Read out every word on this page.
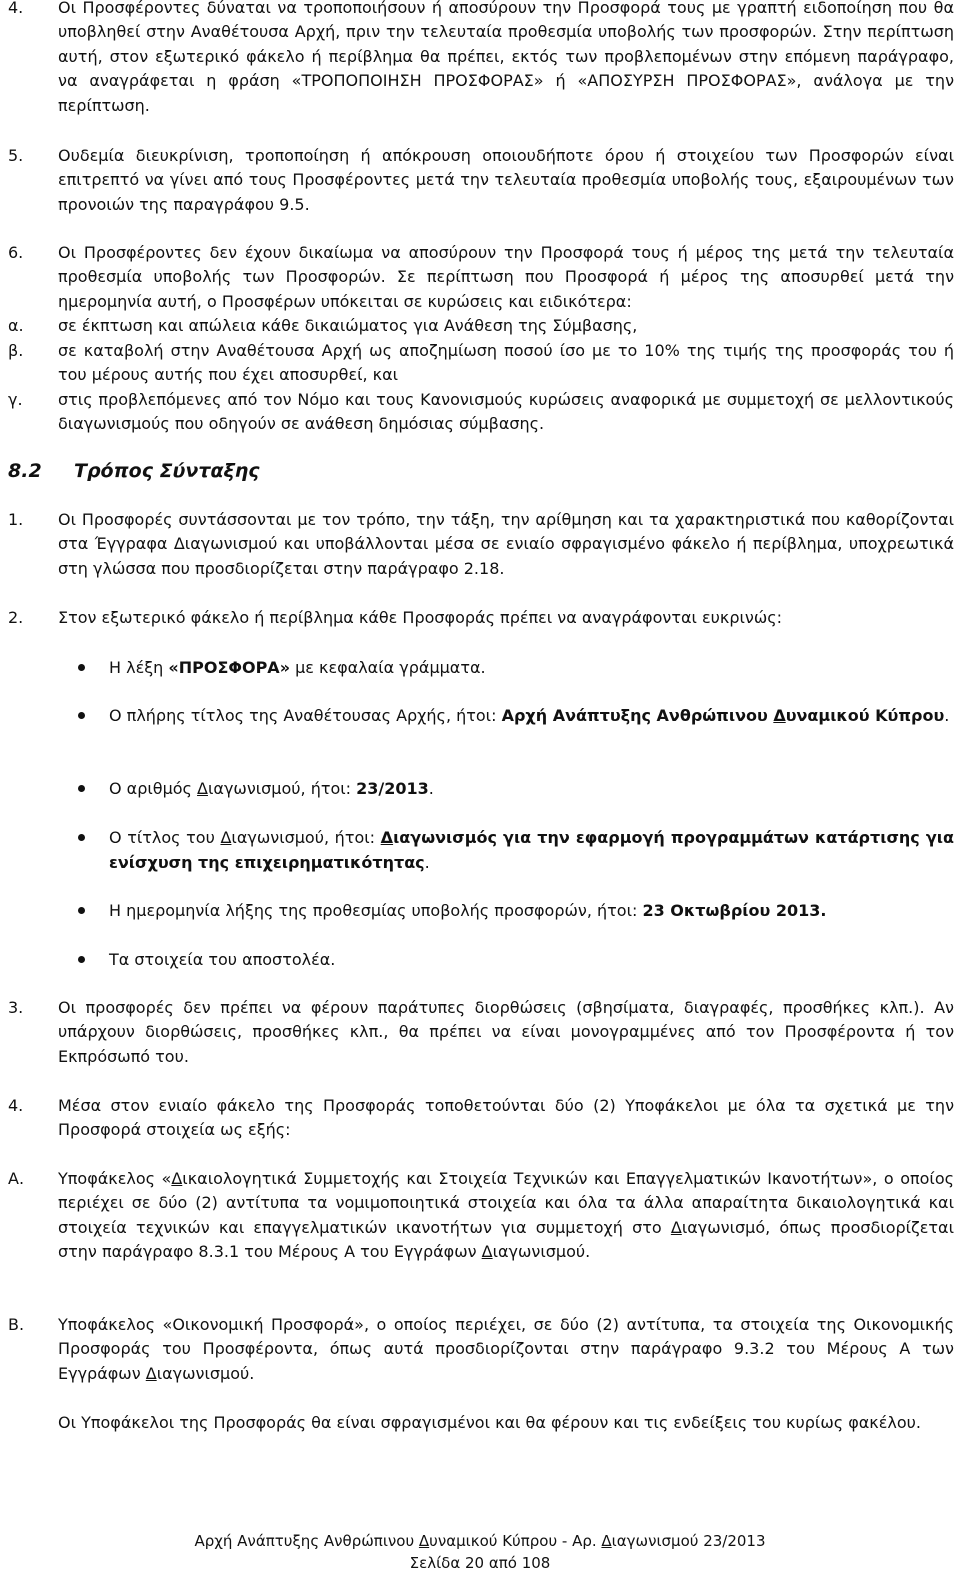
4. Οι Προσφέροντες δύναται να τροποποιήσουν ή αποσύρουν την Προσφορά τους με γραπτή ειδοποίηση που θα υποβληθεί στην Αναθέτουσα Αρχή, πριν την τελευταία προθεσμία υποβολής των προσφορών. Στην περίπτωση αυτή, στον εξωτερικό φάκελο ή περίβλημα θα πρέπει, εκτός των προβλεπομένων στην επόμενη παράγραφο, να αναγράφεται η φράση «ΤΡΟΠΟΠΟΙΗΣΗ ΠΡΟΣΦΟΡΑΣ» ή «ΑΠΟΣΥΡΣΗ ΠΡΟΣΦΟΡΑΣ», ανάλογα με την περίπτωση.
5. Ουδεμία διευκρίνιση, τροποποίηση ή απόκρουση οποιουδήποτε όρου ή στοιχείου των Προσφορών είναι επιτρεπτό να γίνει από τους Προσφέροντες μετά την τελευταία προθεσμία υποβολής τους, εξαιρουμένων των προνοιών της παραγράφου 9.5.
6. Οι Προσφέροντες δεν έχουν δικαίωμα να αποσύρουν την Προσφορά τους ή μέρος της μετά την τελευταία προθεσμία υποβολής των Προσφορών. Σε περίπτωση που Προσφορά ή μέρος της αποσυρθεί μετά την ημερομηνία αυτή, ο Προσφέρων υπόκειται σε κυρώσεις και ειδικότερα:
α. σε έκπτωση και απώλεια κάθε δικαιώματος για Ανάθεση της Σύμβασης,
β. σε καταβολή στην Αναθέτουσα Αρχή ως αποζημίωση ποσού ίσο με το 10% της τιμής της προσφοράς του ή του μέρους αυτής που έχει αποσυρθεί, και
γ. στις προβλεπόμενες από τον Νόμο και τους Κανονισμούς κυρώσεις αναφορικά με συμμετοχή σε μελλοντικούς διαγωνισμούς που οδηγούν σε ανάθεση δημόσιας σύμβασης.
8.2 Τρόπος Σύνταξης
1. Οι Προσφορές συντάσσονται με τον τρόπο, την τάξη, την αρίθμηση και τα χαρακτηριστικά που καθορίζονται στα Έγγραφα Διαγωνισμού και υποβάλλονται μέσα σε ενιαίο σφραγισμένο φάκελο ή περίβλημα, υποχρεωτικά στη γλώσσα που προσδιορίζεται στην παράγραφο 2.18.
2. Στον εξωτερικό φάκελο ή περίβλημα κάθε Προσφοράς πρέπει να αναγράφονται ευκρινώς:
Η λέξη «ΠΡΟΣΦΟΡΑ» με κεφαλαία γράμματα.
Ο πλήρης τίτλος της Αναθέτουσας Αρχής, ήτοι: Αρχή Ανάπτυξης Ανθρώπινου Δυναμικού Κύπρου.
Ο αριθμός Διαγωνισμού, ήτοι: 23/2013.
Ο τίτλος του Διαγωνισμού, ήτοι: Διαγωνισμός για την εφαρμογή προγραμμάτων κατάρτισης για ενίσχυση της επιχειρηματικότητας.
Η ημερομηνία λήξης της προθεσμίας υποβολής προσφορών, ήτοι: 23 Οκτωβρίου 2013.
Τα στοιχεία του αποστολέα.
3. Οι προσφορές δεν πρέπει να φέρουν παράτυπες διορθώσεις (σβησίματα, διαγραφές, προσθήκες κλπ.). Αν υπάρχουν διορθώσεις, προσθήκες κλπ., θα πρέπει να είναι μονογραμμένες από τον Προσφέροντα ή τον Εκπρόσωπό του.
4. Μέσα στον ενιαίο φάκελο της Προσφοράς τοποθετούνται δύο (2) Υποφάκελοι με όλα τα σχετικά με την Προσφορά στοιχεία ως εξής:
Α. Υποφάκελος «Δικαιολογητικά Συμμετοχής και Στοιχεία Τεχνικών και Επαγγελματικών Ικανοτήτων», ο οποίος περιέχει σε δύο (2) αντίτυπα τα νομιμοποιητικά στοιχεία και όλα τα άλλα απαραίτητα δικαιολογητικά και στοιχεία τεχνικών και επαγγελματικών ικανοτήτων για συμμετοχή στο Διαγωνισμό, όπως προσδιορίζεται στην παράγραφο 8.3.1 του Μέρους Α του Εγγράφων Διαγωνισμού.
Β. Υποφάκελος «Οικονομική Προσφορά», ο οποίος περιέχει, σε δύο (2) αντίτυπα, τα στοιχεία της Οικονομικής Προσφοράς του Προσφέροντα, όπως αυτά προσδιορίζονται στην παράγραφο 9.3.2 του Μέρους Α των Εγγράφων Διαγωνισμού.
Οι Υποφάκελοι της Προσφοράς θα είναι σφραγισμένοι και θα φέρουν και τις ενδείξεις του κυρίως φακέλου.
Αρχή Ανάπτυξης Ανθρώπινου Δυναμικού Κύπρου - Αρ. Διαγωνισμού 23/2013
Σελίδα 20 από 108
